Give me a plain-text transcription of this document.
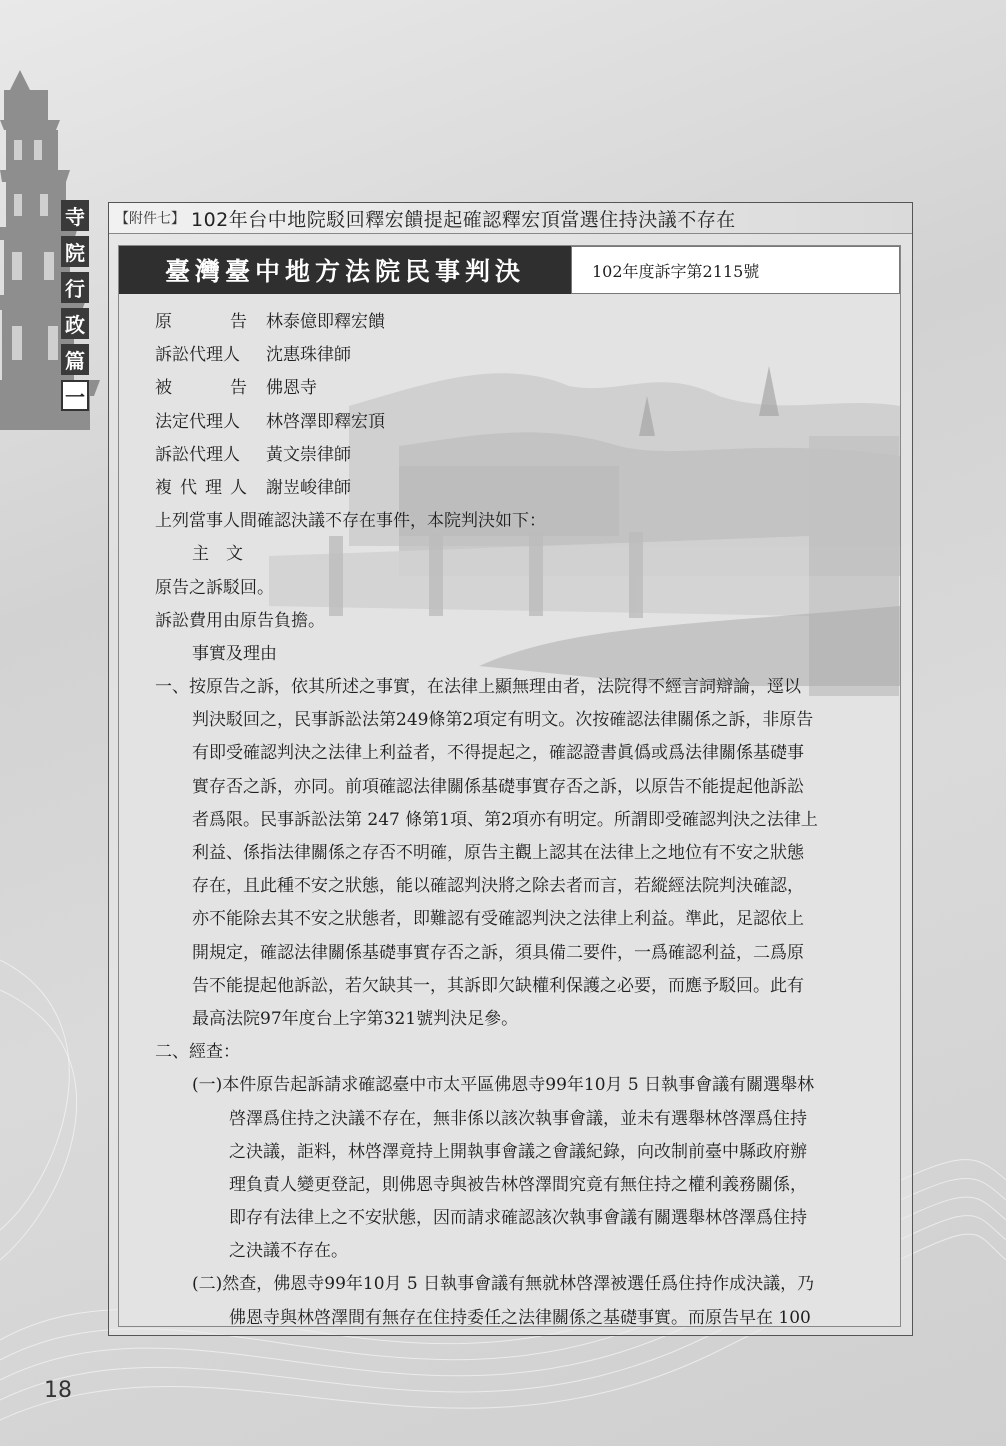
寺
院
行
政
篇
一
【附件七】 102年台中地院駁回釋宏饋提起確認釋宏頂當選住持決議不存在
臺灣臺中地方法院民事判決	102年度訴字第2115號
原	告 林泰億即釋宏饋
訴訟代理人	沈惠珠律師
被	告 佛恩寺
法定代理人	林啓澤即釋宏頂
訴訟代理人	黃文崇律師
複 代 理 人 謝岦峻律師
上列當事人間確認決議不存在事件，本院判決如下：
主　文
原告之訴駁回。
訴訟費用由原告負擔。
事實及理由
一、按原告之訴，依其所述之事實，在法律上顯無理由者，法院得不經言詞辯論，逕以
判決駁回之，民事訴訟法第249條第2項定有明文。次按確認法律關係之訴，非原告
有即受確認判決之法律上利益者，不得提起之，確認證書眞僞或爲法律關係基礎事
實存否之訴，亦同。前項確認法律關係基礎事實存否之訴，以原告不能提起他訴訟
者爲限。民事訴訟法第 247 條第1項、第2項亦有明定。所謂即受確認判決之法律上
利益、係指法律關係之存否不明確，原告主觀上認其在法律上之地位有不安之狀態
存在，且此種不安之狀態，能以確認判決將之除去者而言，若縱經法院判決確認，
亦不能除去其不安之狀態者，即難認有受確認判決之法律上利益。準此，足認依上
開規定，確認法律關係基礎事實存否之訴，須具備二要件，一爲確認利益，二爲原
告不能提起他訴訟，若欠缺其一，其訴即欠缺權利保護之必要，而應予駁回。此有
最高法院97年度台上字第321號判決足參。
二、經查：
(一)本件原告起訴請求確認臺中市太平區佛恩寺99年10月 5 日執事會議有關選舉林
啓澤爲住持之決議不存在，無非係以該次執事會議，並未有選舉林啓澤爲住持
之決議，詎料，林啓澤竟持上開執事會議之會議紀錄，向改制前臺中縣政府辦
理負責人變更登記，則佛恩寺與被告林啓澤間究竟有無住持之權利義務關係，
即存有法律上之不安狀態，因而請求確認該次執事會議有關選舉林啓澤爲住持
之決議不存在。
(二)然查，佛恩寺99年10月 5 日執事會議有無就林啓澤被選任爲住持作成決議，乃
佛恩寺與林啓澤間有無存在住持委任之法律關係之基礎事實。而原告早在 100
18
